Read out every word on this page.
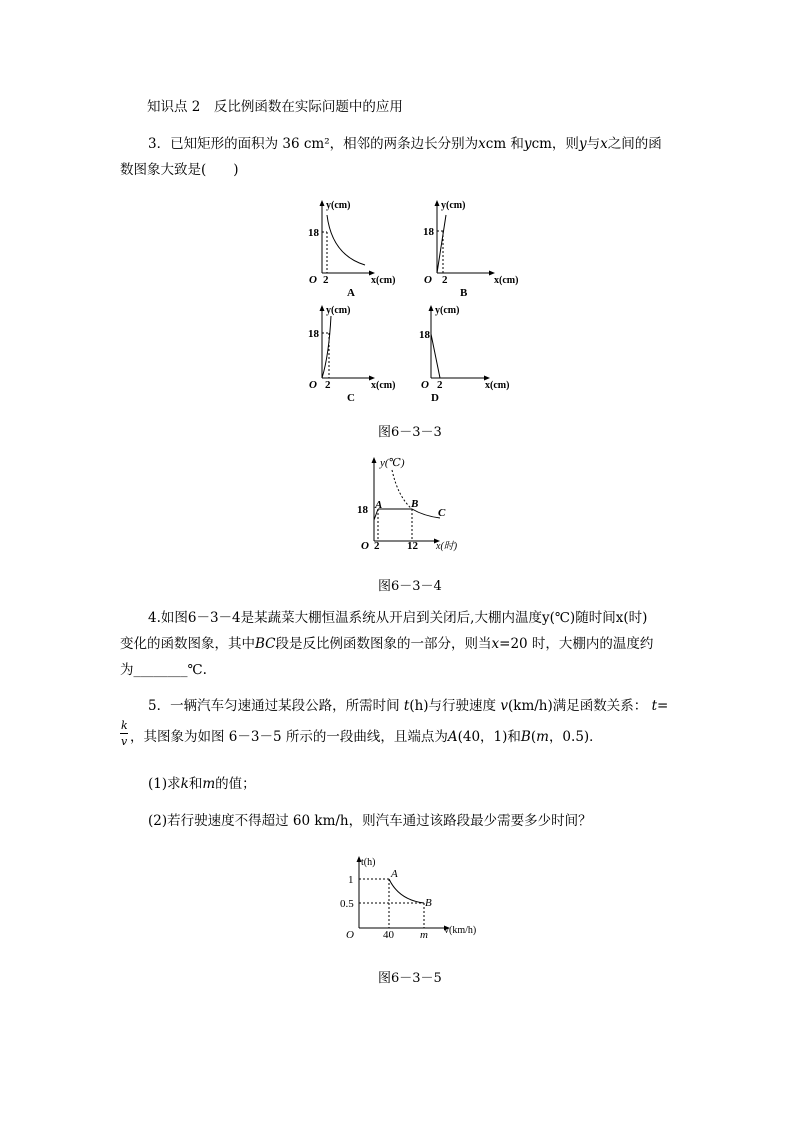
知识点 2　 反比例函数在实际问题中的应用
3．已知矩形的面积为 36 cm²，相邻的两条边长分别为xcm 和ycm，则y与x之间的函
数图象大致是(　　)
y(cm)
18
O 2	x(cm)
A
y(cm)
18
O 2	x(cm)
B
y(cm)
18
O 2	x(cm)
C
y(cm)
18
O 2	x(cm)
D
图6－3－3
y(℃)
18
O 2	12 x(时)
A	B
C
图6－3－4
4.如图6－3－4是某蔬菜大棚恒温系统从开启到关闭后,大棚内温度y(℃)随时间x(时)
变化的函数图象，其中BC段是反比例函数图象的一部分，则当x=20 时，大棚内的温度约
为________℃.
5．一辆汽车匀速通过某段公路，所需时间 t(h)与行驶速度 v(km/h)满足函数关系： t=
k
v ，其图象为如图 6－3－5 所示的一段曲线，且端点为A(40，1)和B(m，0.5)．
(1)求k和m的值；
(2)若行驶速度不得超过 60 km/h，则汽车通过该路段最少需要多少时间？
t(h)
1
0.5
O	40 m v(km/h)
A
B
图6－3－5
